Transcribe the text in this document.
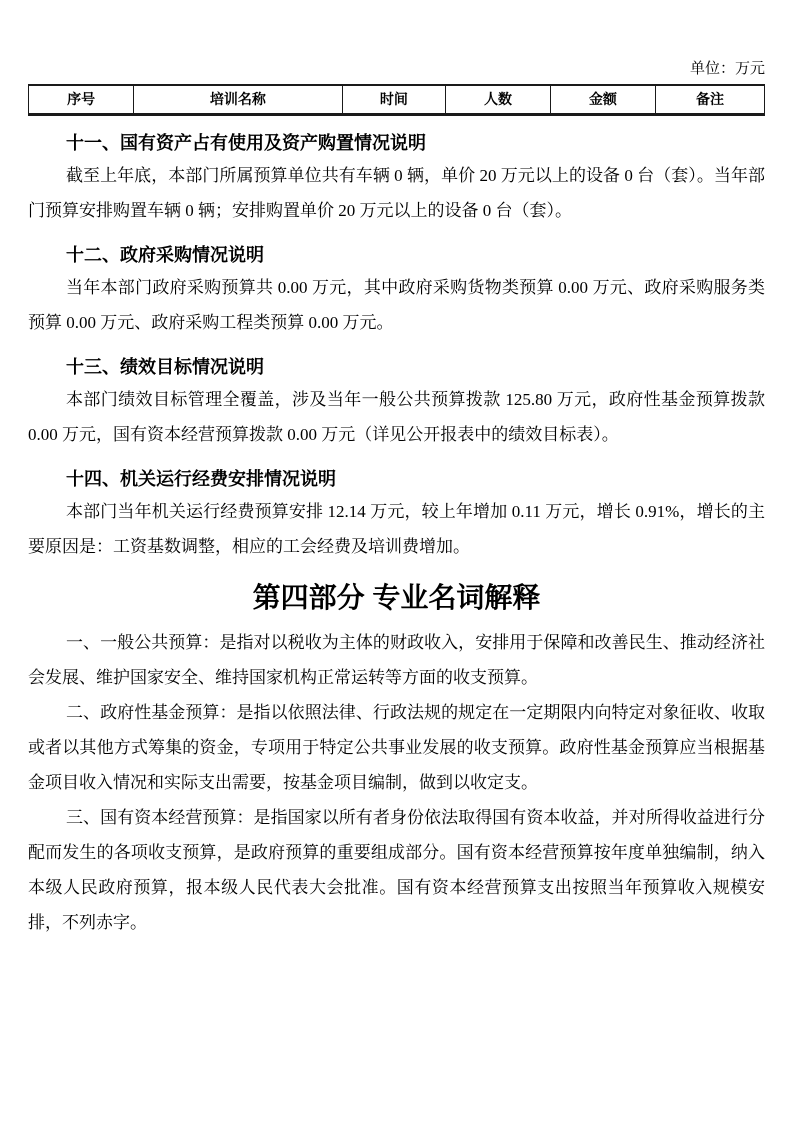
单位：万元
序号	培训名称	时间	人数	金额	备注
十一、国有资产占有使用及资产购置情况说明

截至上年底，本部门所属预算单位共有车辆 0 辆，单价 20 万元以上的设备 0 台（套）。当年部门预算安排购置车辆 0 辆；安排购置单价 20 万元以上的设备 0 台（套）。

十二、政府采购情况说明

当年本部门政府采购预算共 0.00 万元，其中政府采购货物类预算 0.00 万元、政府采购服务类预算 0.00 万元、政府采购工程类预算 0.00 万元。

十三、绩效目标情况说明

本部门绩效目标管理全覆盖，涉及当年一般公共预算拨款 125.80 万元，政府性基金预算拨款 0.00 万元，国有资本经营预算拨款 0.00 万元（详见公开报表中的绩效目标表）。

十四、机关运行经费安排情况说明

本部门当年机关运行经费预算安排 12.14 万元，较上年增加 0.11 万元，增长 0.91%，增长的主要原因是：工资基数调整，相应的工会经费及培训费增加。

第四部分 专业名词解释

一、一般公共预算：是指对以税收为主体的财政收入，安排用于保障和改善民生、推动经济社会发展、维护国家安全、维持国家机构正常运转等方面的收支预算。

二、政府性基金预算：是指以依照法律、行政法规的规定在一定期限内向特定对象征收、收取或者以其他方式筹集的资金，专项用于特定公共事业发展的收支预算。政府性基金预算应当根据基金项目收入情况和实际支出需要，按基金项目编制，做到以收定支。

三、国有资本经营预算：是指国家以所有者身份依法取得国有资本收益，并对所得收益进行分配而发生的各项收支预算，是政府预算的重要组成部分。国有资本经营预算按年度单独编制，纳入本级人民政府预算，报本级人民代表大会批准。国有资本经营预算支出按照当年预算收入规模安排，不列赤字。
